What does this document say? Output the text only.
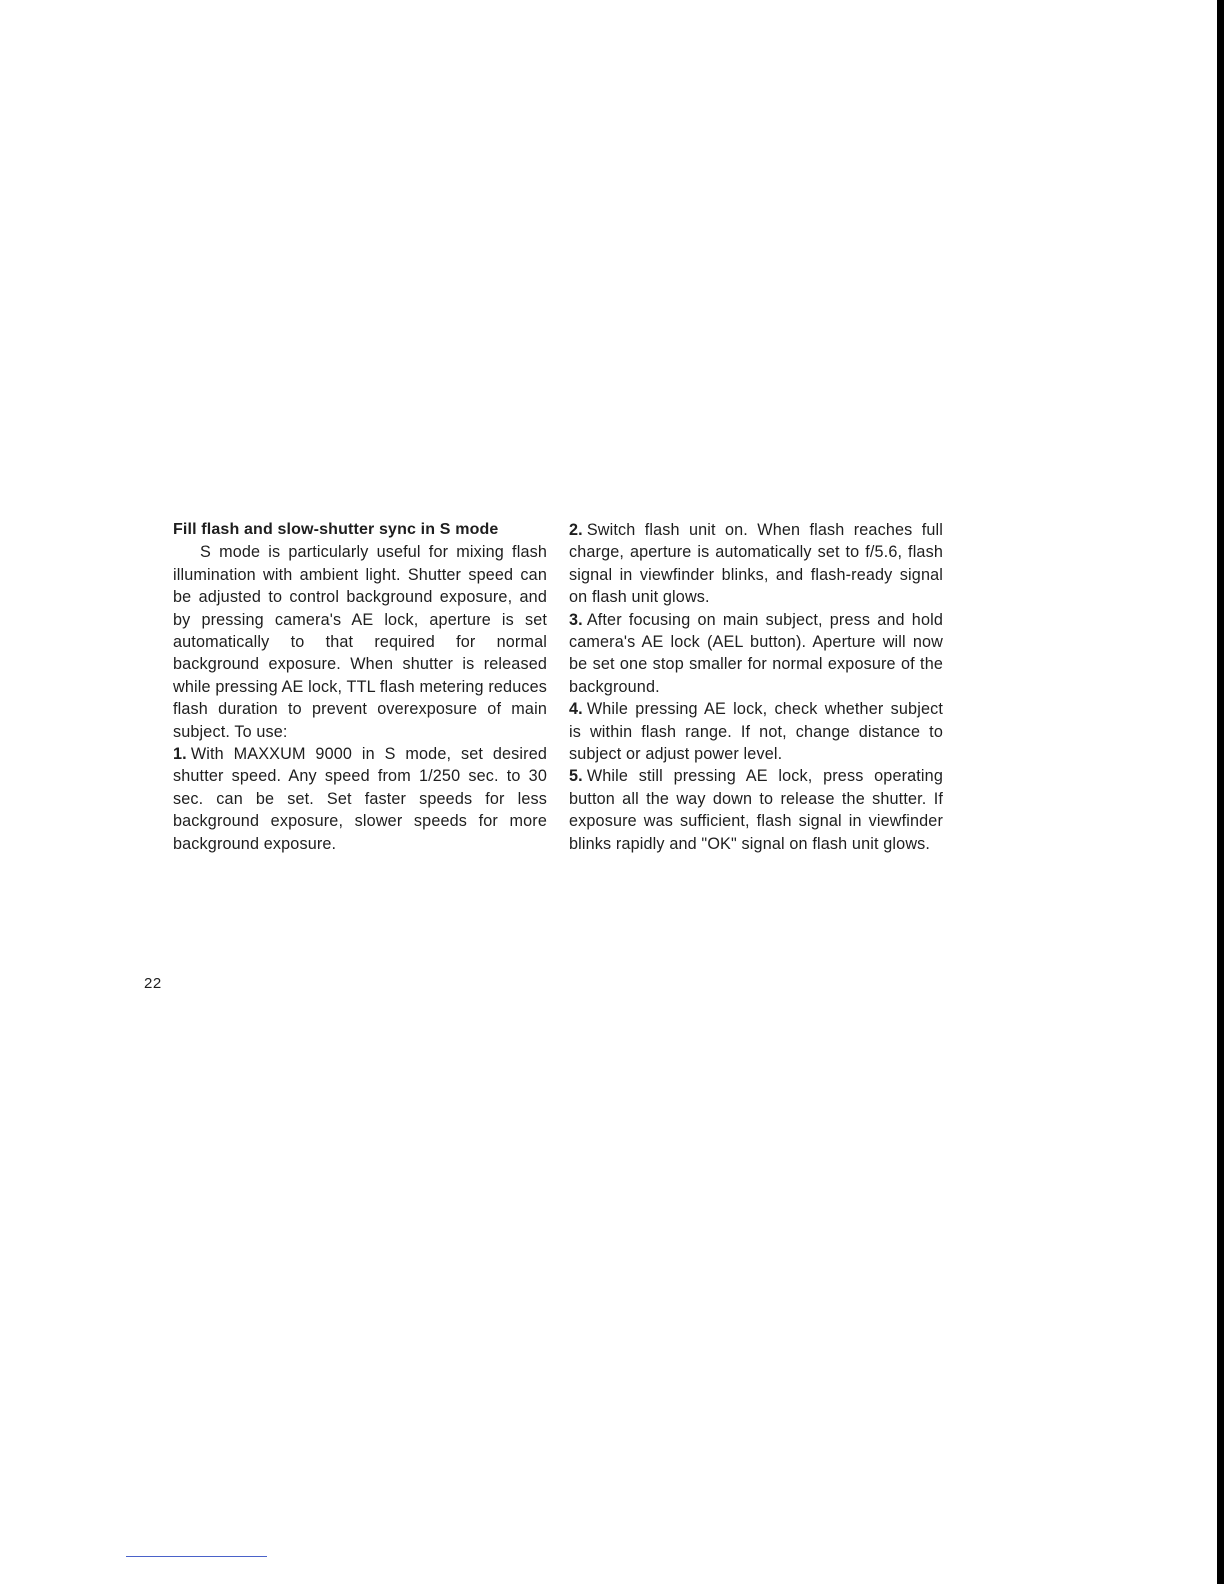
Fill flash and slow-shutter sync in S mode

S mode is particularly useful for mixing flash illumination with ambient light. Shutter speed can be adjusted to control background exposure, and by pressing camera's AE lock, aperture is set automatically to that required for normal background exposure. When shutter is released while pressing AE lock, TTL flash metering reduces flash duration to prevent overexposure of main subject. To use:

1. With MAXXUM 9000 in S mode, set desired shutter speed. Any speed from 1/250 sec. to 30 sec. can be set. Set faster speeds for less background exposure, slower speeds for more background exposure.

2. Switch flash unit on. When flash reaches full charge, aperture is automatically set to f/5.6, flash signal in viewfinder blinks, and flash-ready signal on flash unit glows.

3. After focusing on main subject, press and hold camera's AE lock (AEL button). Aperture will now be set one stop smaller for normal exposure of the background.

4. While pressing AE lock, check whether subject is within flash range. If not, change distance to subject or adjust power level.

5. While still pressing AE lock, press operating button all the way down to release the shutter. If exposure was sufficient, flash signal in viewfinder blinks rapidly and "OK" signal on flash unit glows.

22
